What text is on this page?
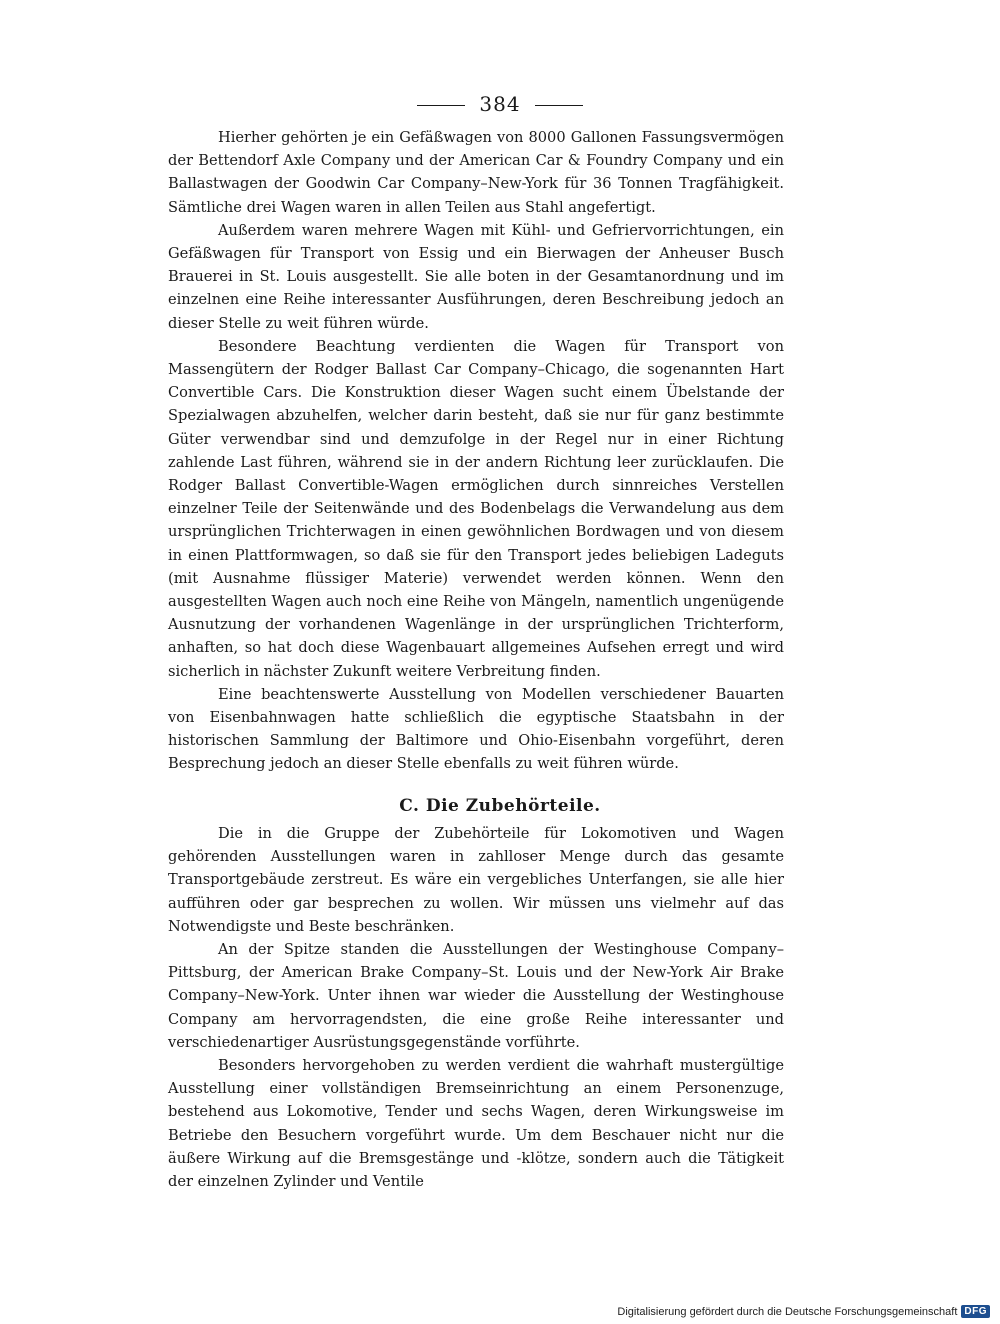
384

Hierher gehörten je ein Gefäßwagen von 8000 Gallonen Fassungsvermögen der Bettendorf Axle Company und der American Car & Foundry Company und ein Ballastwagen der Goodwin Car Company–New-York für 36 Tonnen Tragfähigkeit. Sämtliche drei Wagen waren in allen Teilen aus Stahl angefertigt.

Außerdem waren mehrere Wagen mit Kühl- und Gefriervorrichtungen, ein Gefäßwagen für Transport von Essig und ein Bierwagen der Anheuser Busch Brauerei in St. Louis ausgestellt. Sie alle boten in der Gesamtanordnung und im einzelnen eine Reihe interessanter Ausführungen, deren Beschreibung jedoch an dieser Stelle zu weit führen würde.

Besondere Beachtung verdienten die Wagen für Transport von Massengütern der Rodger Ballast Car Company–Chicago, die sogenannten Hart Convertible Cars. Die Konstruktion dieser Wagen sucht einem Übelstande der Spezialwagen abzuhelfen, welcher darin besteht, daß sie nur für ganz bestimmte Güter verwendbar sind und demzufolge in der Regel nur in einer Richtung zahlende Last führen, während sie in der andern Richtung leer zurücklaufen. Die Rodger Ballast Convertible-Wagen ermöglichen durch sinnreiches Verstellen einzelner Teile der Seitenwände und des Bodenbelags die Verwandelung aus dem ursprünglichen Trichterwagen in einen gewöhnlichen Bordwagen und von diesem in einen Plattformwagen, so daß sie für den Transport jedes beliebigen Ladeguts (mit Ausnahme flüssiger Materie) verwendet werden können. Wenn den ausgestellten Wagen auch noch eine Reihe von Mängeln, namentlich ungenügende Ausnutzung der vorhandenen Wagenlänge in der ursprünglichen Trichterform, anhaften, so hat doch diese Wagenbauart allgemeines Aufsehen erregt und wird sicherlich in nächster Zukunft weitere Verbreitung finden.

Eine beachtenswerte Ausstellung von Modellen verschiedener Bauarten von Eisenbahnwagen hatte schließlich die egyptische Staatsbahn in der historischen Sammlung der Baltimore und Ohio-Eisenbahn vorgeführt, deren Besprechung jedoch an dieser Stelle ebenfalls zu weit führen würde.

C. Die Zubehörteile.

Die in die Gruppe der Zubehörteile für Lokomotiven und Wagen gehörenden Ausstellungen waren in zahlloser Menge durch das gesamte Transportgebäude zerstreut. Es wäre ein vergebliches Unterfangen, sie alle hier aufführen oder gar besprechen zu wollen. Wir müssen uns vielmehr auf das Notwendigste und Beste beschränken.

An der Spitze standen die Ausstellungen der Westinghouse Company–Pittsburg, der American Brake Company–St. Louis und der New-York Air Brake Company–New-York. Unter ihnen war wieder die Ausstellung der Westinghouse Company am hervorragendsten, die eine große Reihe interessanter und verschiedenartiger Ausrüstungsgegenstände vorführte.

Besonders hervorgehoben zu werden verdient die wahrhaft mustergültige Ausstellung einer vollständigen Bremseinrichtung an einem Personenzuge, bestehend aus Lokomotive, Tender und sechs Wagen, deren Wirkungsweise im Betriebe den Besuchern vorgeführt wurde. Um dem Beschauer nicht nur die äußere Wirkung auf die Bremsgestänge und -klötze, sondern auch die Tätigkeit der einzelnen Zylinder und Ventile

Digitalisierung gefördert durch die Deutsche Forschungsgemeinschaft DFG
